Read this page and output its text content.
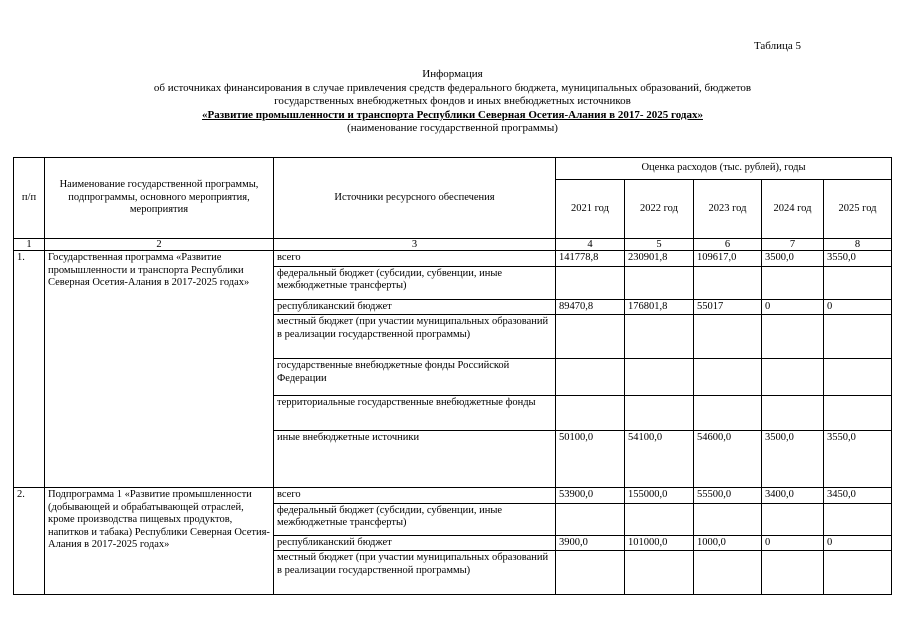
Таблица 5
Информация
об источниках финансирования в случае привлечения средств федерального бюджета, муниципальных образований, бюджетов
государственных внебюджетных фондов и иных внебюджетных источников
«Развитие промышленности и транспорта Республики Северная Осетия-Алания в 2017- 2025 годах»
(наименование государственной программы)
п/п	Наименование государственной программы, подпрограммы, основного мероприятия, мероприятия	Источники ресурсного обеспечения	Оценка расходов (тыс. рублей), годы				
			2021 год	2022 год	2023 год	2024 год	2025 год
1	2	3	4	5	6	7	8
1.	Государственная программа «Развитие промышленности и транспорта Республики Северная Осетия-Алания в 2017-2025 годах»	всего	141778,8	230901,8	109617,0	3500,0	3550,0
		федеральный бюджет (субсидии, субвенции, иные межбюджетные трансферты)					
		республиканский бюджет	89470,8	176801,8	55017	0	0
		местный бюджет (при участии муниципальных образований в реализации государственной программы)					
		государственные внебюджетные фонды Российской Федерации					
		территориальные государственные внебюджетные фонды					
		иные внебюджетные источники	50100,0	54100,0	54600,0	3500,0	3550,0
2.	Подпрограмма 1 «Развитие промышленности (добывающей и обрабатывающей отраслей, кроме производства пищевых продуктов, напитков и табака) Республики Северная Осетия-Алания в 2017-2025 годах»	всего	53900,0	155000,0	55500,0	3400,0	3450,0
		федеральный бюджет (субсидии, субвенции, иные межбюджетные трансферты)					
		республиканский бюджет	3900,0	101000,0	1000,0	0	0
		местный бюджет (при участии муниципальных образований в реализации государственной программы)					
